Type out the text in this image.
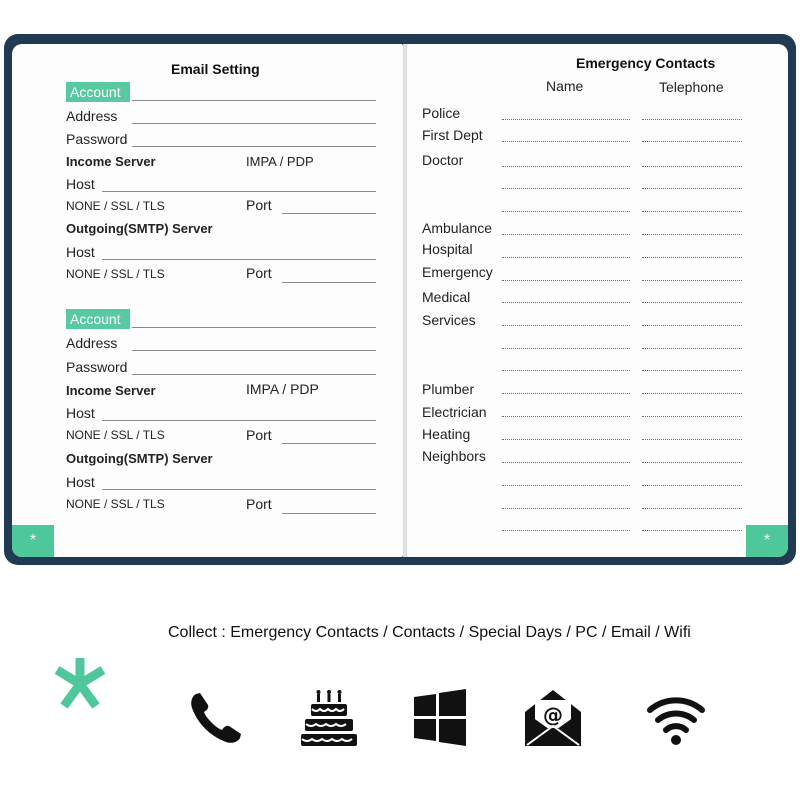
Email Setting
Account
Address
Password
Income Server	IMPA / PDP
Host
NONE / SSL / TLS	Port
Outgoing(SMTP) Server
Host
NONE / SSL / TLS	Port
Account
Address
Password
Income Server	IMPA / PDP
Host
NONE / SSL / TLS	Port
Outgoing(SMTP) Server
Host
NONE / SSL / TLS	Port
*
Emergency Contacts
Name	Telephone
Police
First Dept
Doctor
Ambulance
Hospital
Emergency
Medical
Services
Plumber
Electrician
Heating
Neighbors
*
Collect : Emergency Contacts / Contacts / Special Days / PC / Email / Wifi
@
